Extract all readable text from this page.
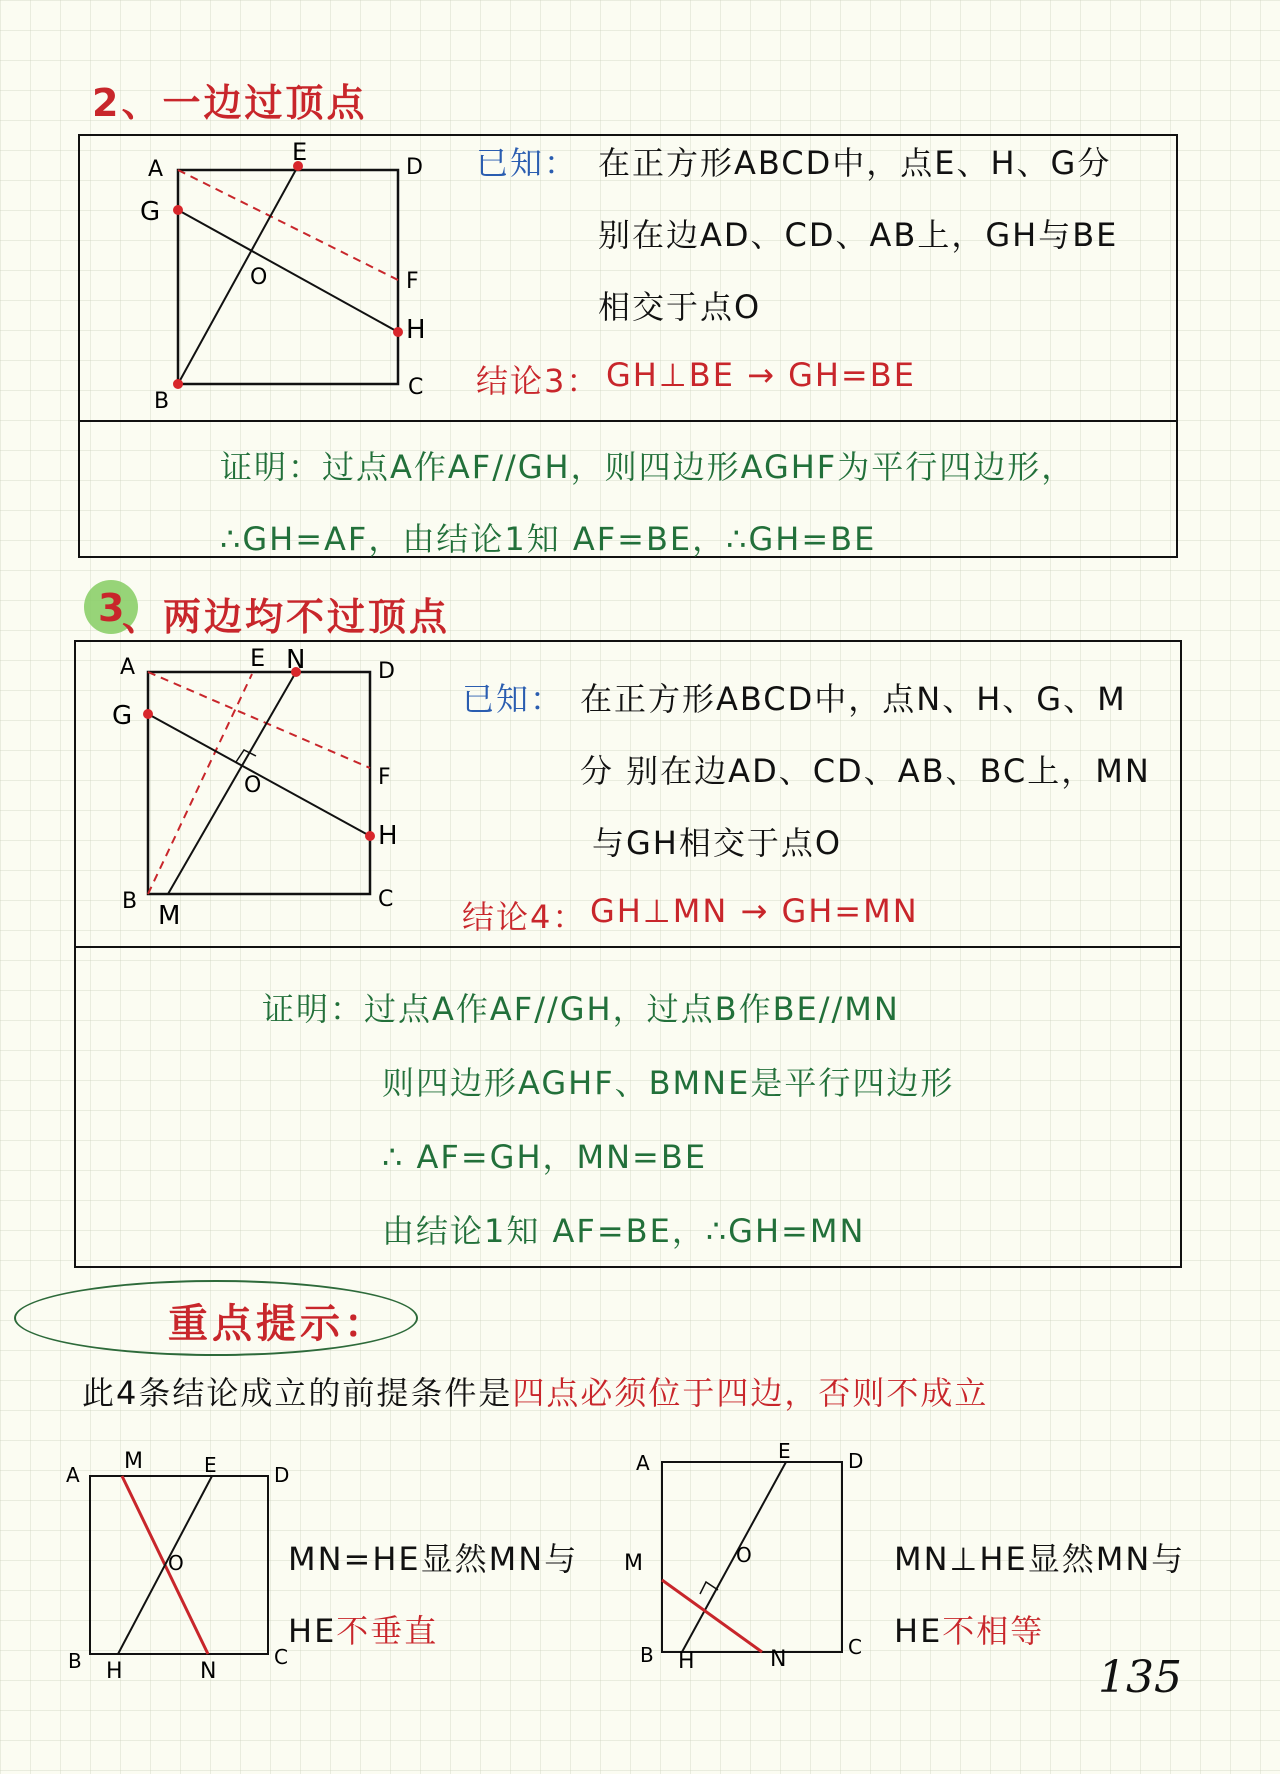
2、一边过顶点
A
E
D
G
O	F
H
B
C
已知： 在正方形ABCD中，点E、H、G分
别在边AD、CD、AB上，GH与BE
相交于点O
结论3： GH⊥BE → GH=BE
证明：过点A作AF//GH，则四边形AGHF为平行四边形，
∴GH=AF，由结论1知 AF=BE，∴GH=BE
3
、两边均不过顶点
A	E N	D
G
O	F
H
B M
C
已知： 在正方形ABCD中，点N、H、G、M
分 别在边AD、CD、AB、BC上，MN
与GH相交于点O
结论4： GH⊥MN → GH=MN
证明：过点A作AF//GH，过点B作BE//MN
则四边形AGHF、BMNE是平行四边形
∴ AF=GH，MN=BE
由结论1知 AF=BE，∴GH=MN
重点提示：
此4条结论成立的前提条件是四点必须位于四边，否则不成立
A
M	E	D
O
B H	N
C
MN=HE显然MN与
HE不垂直
A	E	D
M	O
B H	N	C
MN⊥HE显然MN与
HE不相等
135
